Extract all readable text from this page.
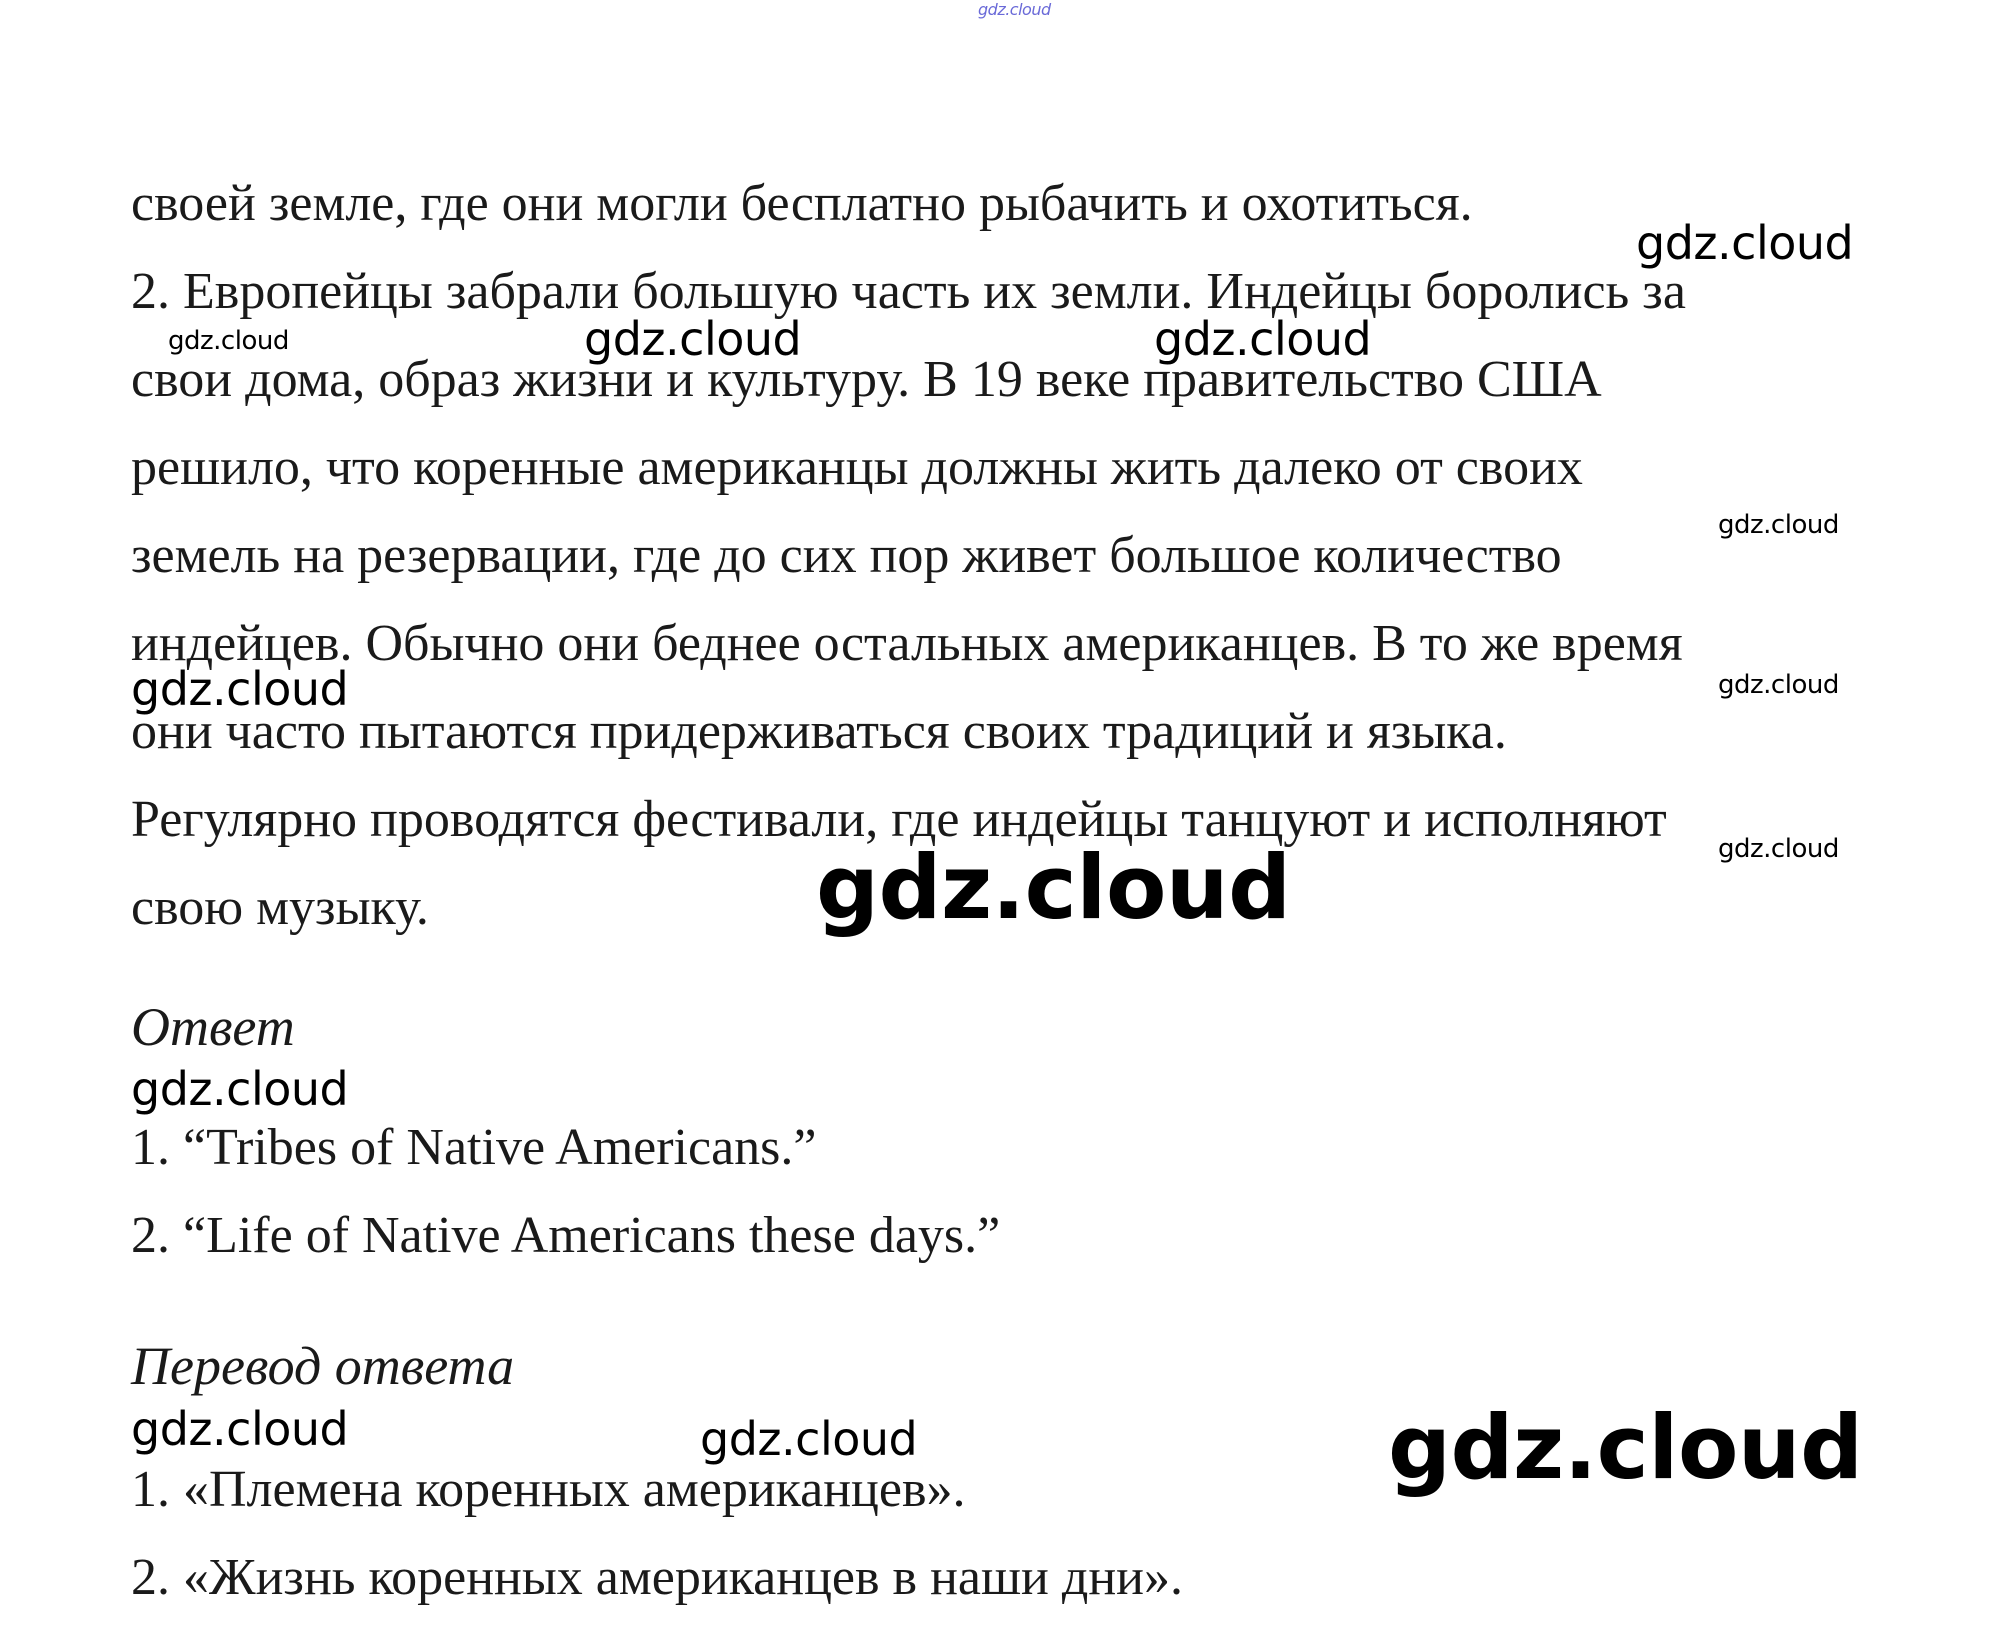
своей земле, где они могли бесплатно рыбачить и охотиться.
2. Европейцы забрали большую часть их земли. Индейцы боролись за
свои дома, образ жизни и культуру. В 19 веке правительство США
решило, что коренные американцы должны жить далеко от своих
земель на резервации, где до сих пор живет большое количество
индейцев. Обычно они беднее остальных американцев. В то же время
они часто пытаются придерживаться своих традиций и языка.
Регулярно проводятся фестивали, где индейцы танцуют и исполняют
свою музыку.
Ответ
1. “Tribes of Native Americans.”
2. “Life of Native Americans these days.”
Перевод ответа
1. «Племена коренных американцев».
2. «Жизнь коренных американцев в наши дни».
gdz.cloud
gdz.cloud
gdz.cloud	gdz.cloud	gdz.cloud
gdz.cloud
gdz.cloud	gdz.cloud
gdz.cloud
gdz.cloud
gdz.cloud
gdz.cloud	gdz.cloud	gdz.cloud
